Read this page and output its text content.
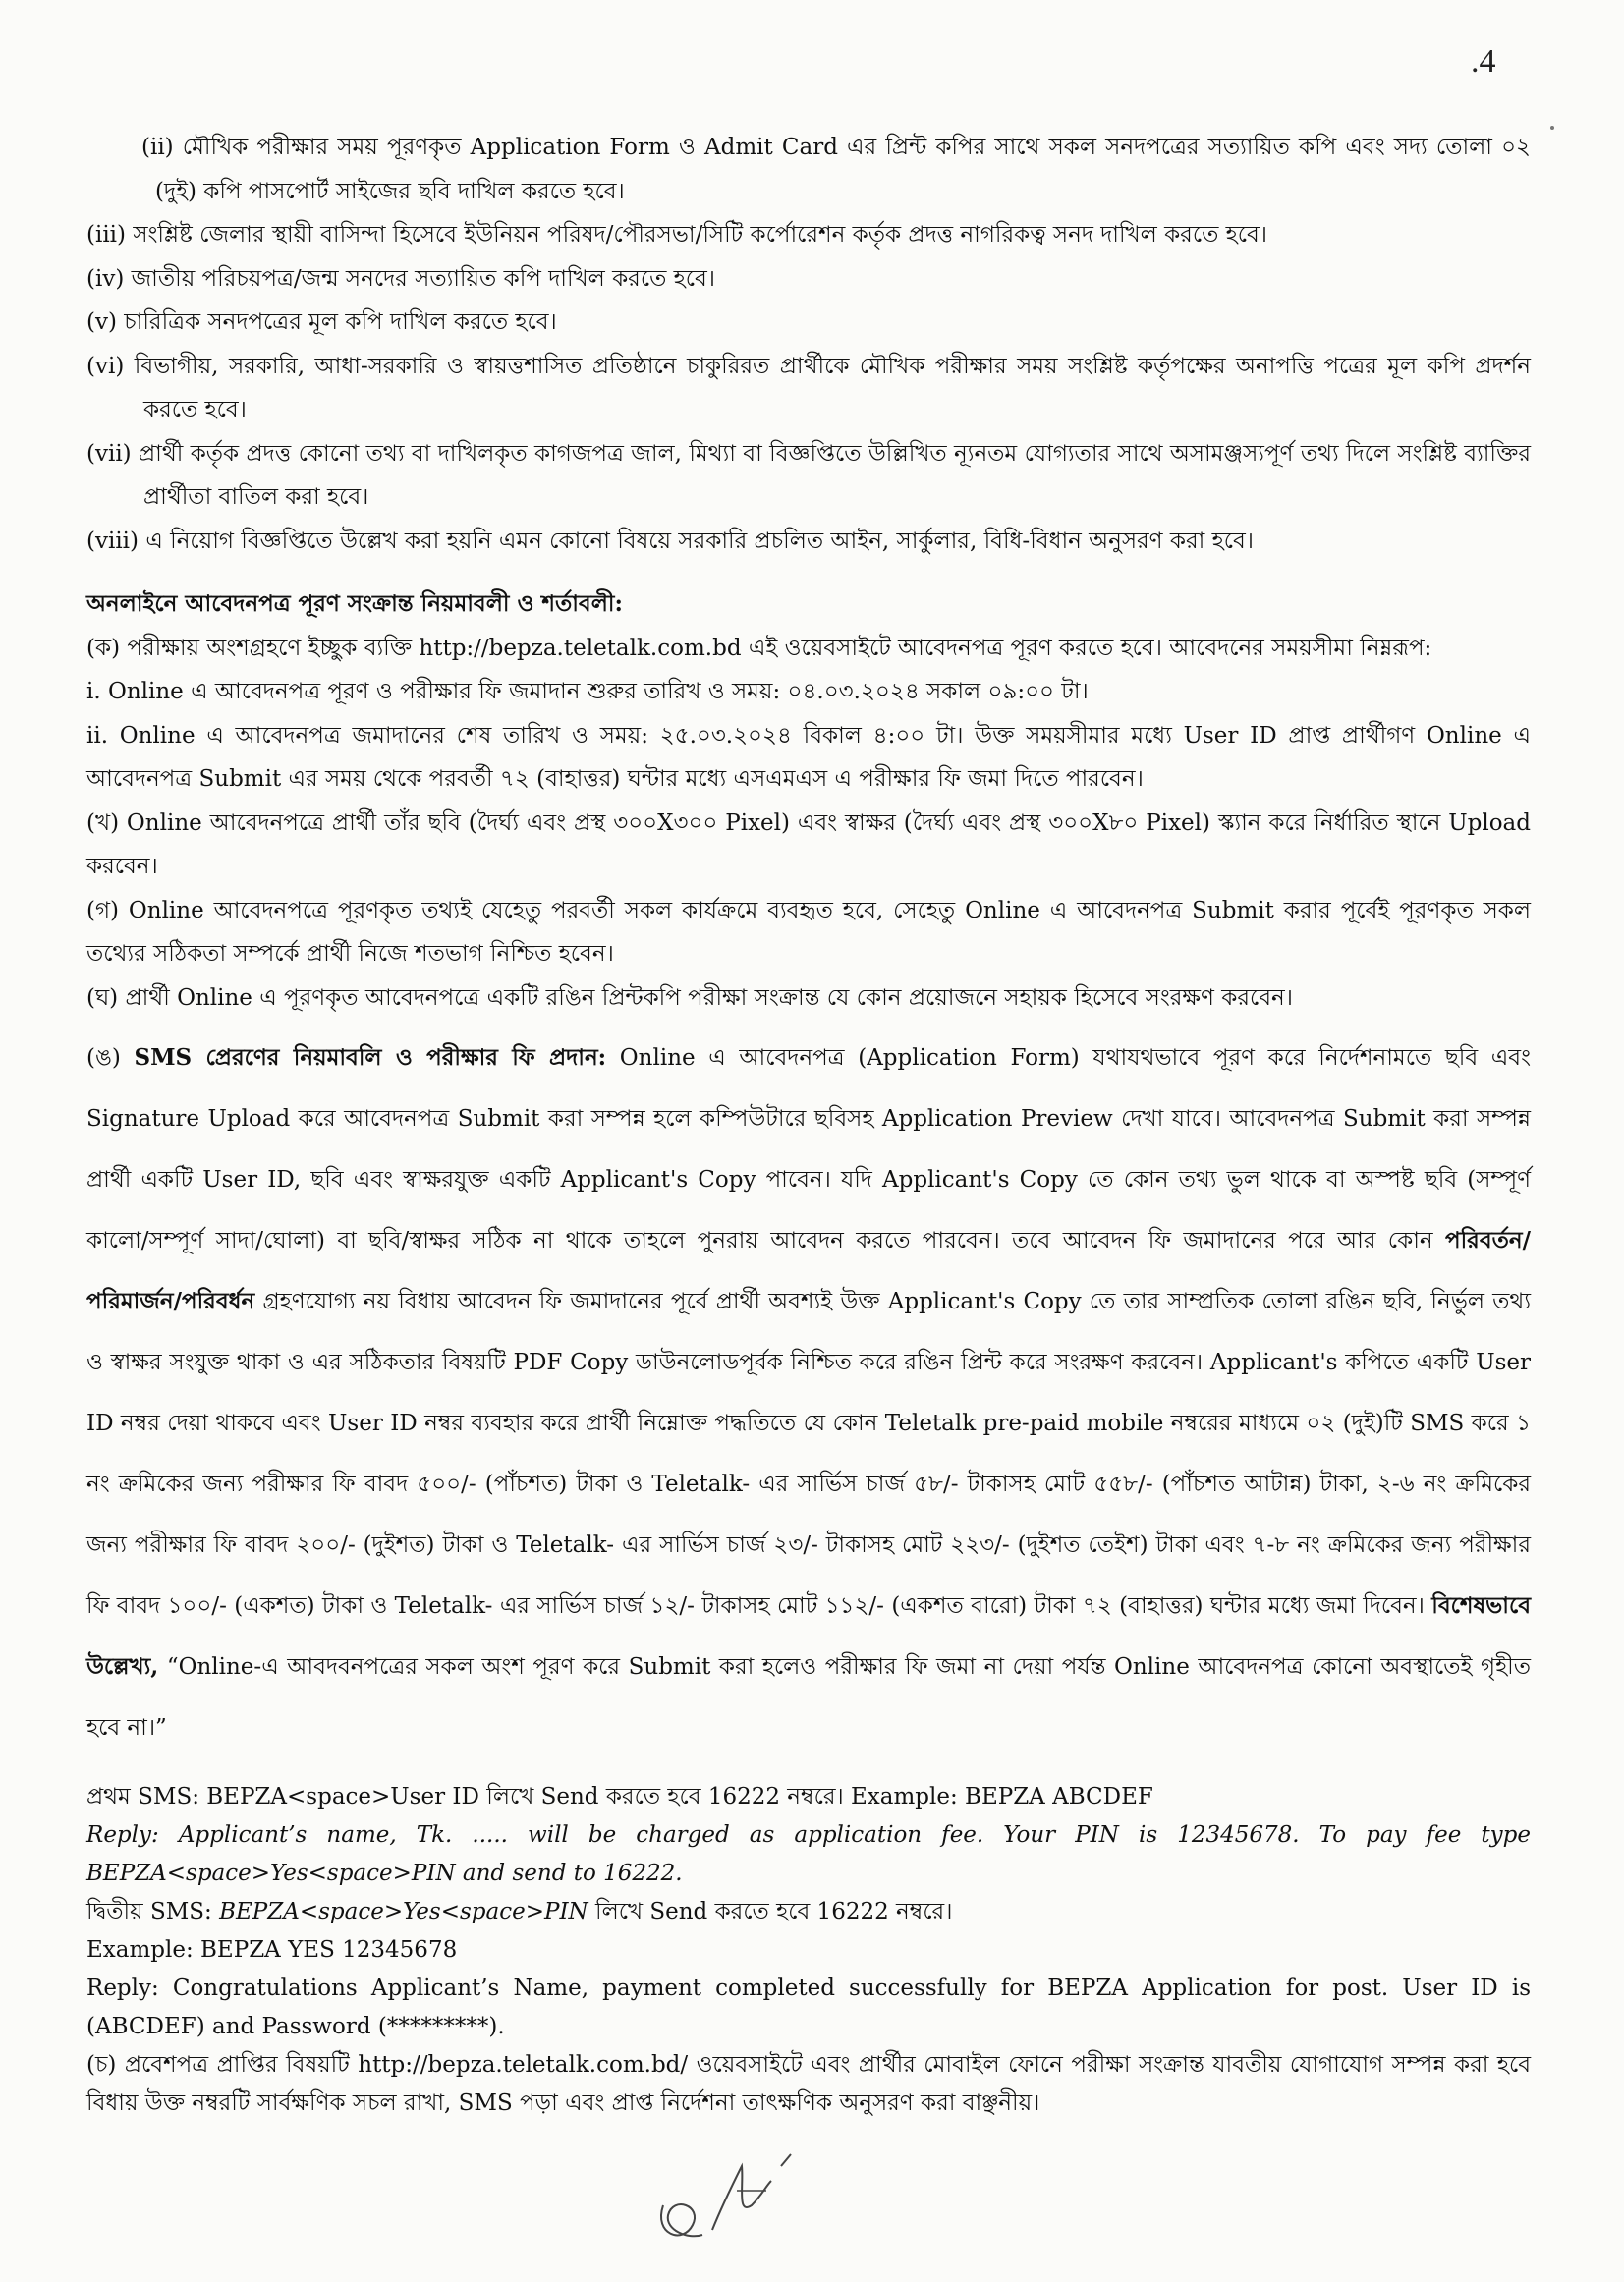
.4

(ii) মৌখিক পরীক্ষার সময় পূরণকৃত Application Form ও Admit Card এর প্রিন্ট কপির সাথে সকল সনদপত্রের সত্যায়িত কপি এবং সদ্য তোলা ০২ (দুই) কপি পাসপোর্ট সাইজের ছবি দাখিল করতে হবে।

(iii) সংশ্লিষ্ট জেলার স্থায়ী বাসিন্দা হিসেবে ইউনিয়ন পরিষদ/পৌরসভা/সিটি কর্পোরেশন কর্তৃক প্রদত্ত নাগরিকত্ব সনদ দাখিল করতে হবে।

(iv) জাতীয় পরিচয়পত্র/জন্ম সনদের সত্যায়িত কপি দাখিল করতে হবে।

(v) চারিত্রিক সনদপত্রের মূল কপি দাখিল করতে হবে।

(vi) বিভাগীয়, সরকারি, আধা-সরকারি ও স্বায়ত্তশাসিত প্রতিষ্ঠানে চাকুরিরত প্রার্থীকে মৌখিক পরীক্ষার সময় সংশ্লিষ্ট কর্তৃপক্ষের অনাপত্তি পত্রের মূল কপি প্রদর্শন করতে হবে।

(vii) প্রার্থী কর্তৃক প্রদত্ত কোনো তথ্য বা দাখিলকৃত কাগজপত্র জাল, মিথ্যা বা বিজ্ঞপ্তিতে উল্লিখিত ন্যূনতম যোগ্যতার সাথে অসামঞ্জস্যপূর্ণ তথ্য দিলে সংশ্লিষ্ট ব্যাক্তির প্রার্থীতা বাতিল করা হবে।

(viii) এ নিয়োগ বিজ্ঞপ্তিতে উল্লেখ করা হয়নি এমন কোনো বিষয়ে সরকারি প্রচলিত আইন, সার্কুলার, বিধি-বিধান অনুসরণ করা হবে।

অনলাইনে আবেদনপত্র পূরণ সংক্রান্ত নিয়মাবলী ও শর্তাবলী:

(ক) পরীক্ষায় অংশগ্রহণে ইচ্ছুক ব্যক্তি http://bepza.teletalk.com.bd এই ওয়েবসাইটে আবেদনপত্র পূরণ করতে হবে। আবেদনের সময়সীমা নিম্নরূপ:

i. Online এ আবেদনপত্র পূরণ ও পরীক্ষার ফি জমাদান শুরুর তারিখ ও সময়: ০৪.০৩.২০২৪ সকাল ০৯:০০ টা।

ii. Online এ আবেদনপত্র জমাদানের শেষ তারিখ ও সময়: ২৫.০৩.২০২৪ বিকাল ৪:০০ টা। উক্ত সময়সীমার মধ্যে User ID প্রাপ্ত প্রার্থীগণ Online এ আবেদনপত্র Submit এর সময় থেকে পরবর্তী ৭২ (বাহাত্তর) ঘন্টার মধ্যে এসএমএস এ পরীক্ষার ফি জমা দিতে পারবেন।

(খ) Online আবেদনপত্রে প্রার্থী তাঁর ছবি (দৈর্ঘ্য এবং প্রস্থ ৩০০X৩০০ Pixel) এবং স্বাক্ষর (দৈর্ঘ্য এবং প্রস্থ ৩০০X৮০ Pixel) স্ক্যান করে নির্ধারিত স্থানে Upload করবেন।

(গ) Online আবেদনপত্রে পূরণকৃত তথ্যই যেহেতু পরবর্তী সকল কার্যক্রমে ব্যবহৃত হবে, সেহেতু Online এ আবেদনপত্র Submit করার পূর্বেই পূরণকৃত সকল তথ্যের সঠিকতা সম্পর্কে প্রার্থী নিজে শতভাগ নিশ্চিত হবেন।

(ঘ) প্রার্থী Online এ পূরণকৃত আবেদনপত্রে একটি রঙিন প্রিন্টকপি পরীক্ষা সংক্রান্ত যে কোন প্রয়োজনে সহায়ক হিসেবে সংরক্ষণ করবেন।

(ঙ) SMS প্রেরণের নিয়মাবলি ও পরীক্ষার ফি প্রদান: Online এ আবেদনপত্র (Application Form) যথাযথভাবে পূরণ করে নির্দেশনামতে ছবি এবং Signature Upload করে আবেদনপত্র Submit করা সম্পন্ন হলে কম্পিউটারে ছবিসহ Application Preview দেখা যাবে। আবেদনপত্র Submit করা সম্পন্ন প্রার্থী একটি User ID, ছবি এবং স্বাক্ষরযুক্ত একটি Applicant's Copy পাবেন। যদি Applicant's Copy তে কোন তথ্য ভুল থাকে বা অস্পষ্ট ছবি (সম্পূর্ণ কালো/সম্পূর্ণ সাদা/ঘোলা) বা ছবি/স্বাক্ষর সঠিক না থাকে তাহলে পুনরায় আবেদন করতে পারবেন। তবে আবেদন ফি জমাদানের পরে আর কোন পরিবর্তন/পরিমার্জন/পরিবর্ধন গ্রহণযোগ্য নয় বিধায় আবেদন ফি জমাদানের পূর্বে প্রার্থী অবশ্যই উক্ত Applicant's Copy তে তার সাম্প্রতিক তোলা রঙিন ছবি, নির্ভুল তথ্য ও স্বাক্ষর সংযুক্ত থাকা ও এর সঠিকতার বিষয়টি PDF Copy ডাউনলোডপূর্বক নিশ্চিত করে রঙিন প্রিন্ট করে সংরক্ষণ করবেন। Applicant's কপিতে একটি User ID নম্বর দেয়া থাকবে এবং User ID নম্বর ব্যবহার করে প্রার্থী নিম্নোক্ত পদ্ধতিতে যে কোন Teletalk pre-paid mobile নম্বরের মাধ্যমে ০২ (দুই)টি SMS করে ১ নং ক্রমিকের জন্য পরীক্ষার ফি বাবদ ৫০০/- (পাঁচশত) টাকা ও Teletalk- এর সার্ভিস চার্জ ৫৮/- টাকাসহ মোট ৫৫৮/- (পাঁচশত আটান্ন) টাকা, ২-৬ নং ক্রমিকের জন্য পরীক্ষার ফি বাবদ ২০০/- (দুইশত) টাকা ও Teletalk- এর সার্ভিস চার্জ ২৩/- টাকাসহ মোট ২২৩/- (দুইশত তেইশ) টাকা এবং ৭-৮ নং ক্রমিকের জন্য পরীক্ষার ফি বাবদ ১০০/- (একশত) টাকা ও Teletalk- এর সার্ভিস চার্জ ১২/- টাকাসহ মোট ১১২/- (একশত বারো) টাকা ৭২ (বাহাত্তর) ঘন্টার মধ্যে জমা দিবেন। বিশেষভাবে উল্লেখ্য, “Online-এ আবদবনপত্রের সকল অংশ পূরণ করে Submit করা হলেও পরীক্ষার ফি জমা না দেয়া পর্যন্ত Online আবেদনপত্র কোনো অবস্থাতেই গৃহীত হবে না।”

প্রথম SMS: BEPZA<space>User ID লিখে Send করতে হবে 16222 নম্বরে। Example: BEPZA ABCDEF

Reply: Applicant’s name, Tk. ..... will be charged as application fee. Your PIN is 12345678. To pay fee type BEPZA<space>Yes<space>PIN and send to 16222.

দ্বিতীয় SMS: BEPZA<space>Yes<space>PIN লিখে Send করতে হবে 16222 নম্বরে।

Example: BEPZA YES 12345678

Reply: Congratulations Applicant’s Name, payment completed successfully for BEPZA Application for post. User ID is (ABCDEF) and Password (*********).

(চ) প্রবেশপত্র প্রাপ্তির বিষয়টি http://bepza.teletalk.com.bd/ ওয়েবসাইটে এবং প্রার্থীর মোবাইল ফোনে পরীক্ষা সংক্রান্ত যাবতীয় যোগাযোগ সম্পন্ন করা হবে বিধায় উক্ত নম্বরটি সার্বক্ষণিক সচল রাখা, SMS পড়া এবং প্রাপ্ত নির্দেশনা তাৎক্ষণিক অনুসরণ করা বাঞ্ছনীয়।
